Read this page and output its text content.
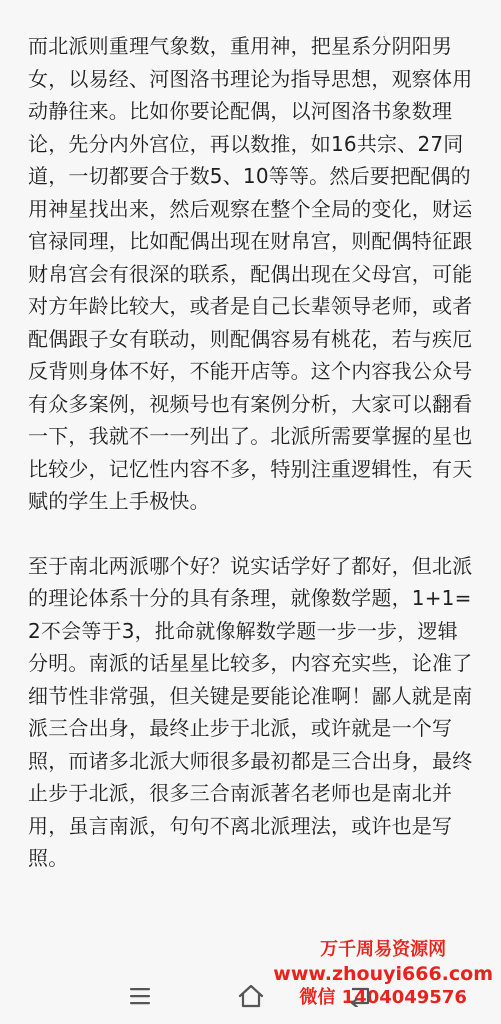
而北派则重理气象数，重用神，把星系分阴阳男女，以易经、河图洛书理论为指导思想，观察体用动静往来。比如你要论配偶，以河图洛书象数理论，先分内外宫位，再以数推，如16共宗、27同道，一切都要合于数5、10等等。然后要把配偶的用神星找出来，然后观察在整个全局的变化，财运官禄同理，比如配偶出现在财帛宫，则配偶特征跟财帛宫会有很深的联系，配偶出现在父母宫，可能对方年龄比较大，或者是自己长辈领导老师，或者配偶跟子女有联动，则配偶容易有桃花，若与疾厄反背则身体不好，不能开店等。这个内容我公众号有众多案例，视频号也有案例分析，大家可以翻看一下，我就不一一列出了。北派所需要掌握的星也比较少，记忆性内容不多，特别注重逻辑性，有天赋的学生上手极快。

至于南北两派哪个好？说实话学好了都好，但北派的理论体系十分的具有条理，就像数学题，1+1=2不会等于3，批命就像解数学题一步一步，逻辑分明。南派的话星星比较多，内容充实些，论准了细节性非常强，但关键是要能论准啊！鄙人就是南派三合出身，最终止步于北派，或许就是一个写照，而诸多北派大师很多最初都是三合出身，最终止步于北派，很多三合南派著名老师也是南北并用，虽言南派，句句不离北派理法，或许也是写照。

万千周易资源网
www.zhouyi666.com
微信 1404049576
